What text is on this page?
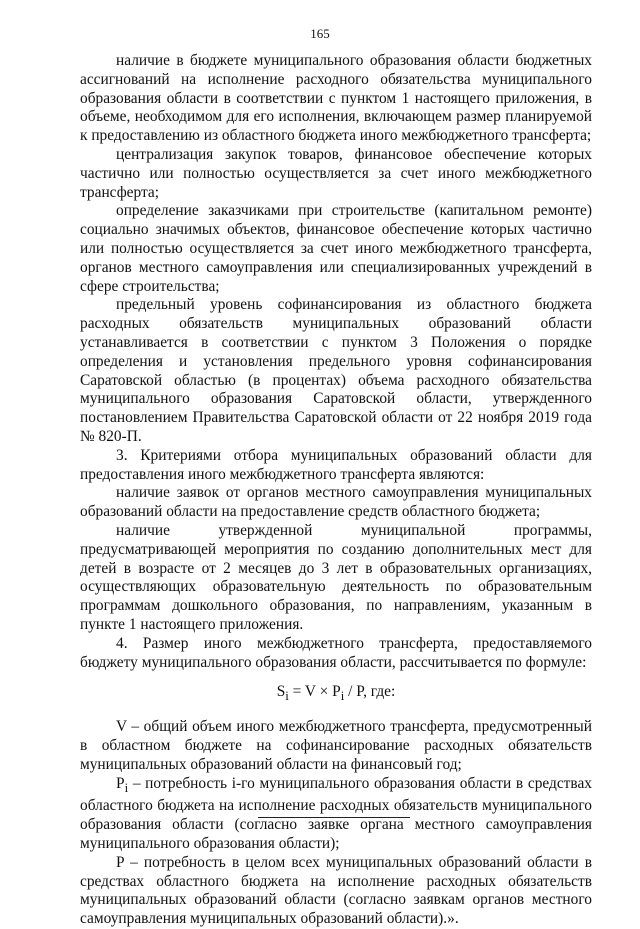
165

наличие в бюджете муниципального образования области бюджетных ассигнований на исполнение расходного обязательства муниципального образования области в соответствии с пунктом 1 настоящего приложения, в объеме, необходимом для его исполнения, включающем размер планируемой к предоставлению из областного бюджета иного межбюджетного трансферта;

централизация закупок товаров, финансовое обеспечение которых частично или полностью осуществляется за счет иного межбюджетного трансферта;

определение заказчиками при строительстве (капитальном ремонте) социально значимых объектов, финансовое обеспечение которых частично или полностью осуществляется за счет иного межбюджетного трансферта, органов местного самоуправления или специализированных учреждений в сфере строительства;

предельный уровень софинансирования из областного бюджета расходных обязательств муниципальных образований области устанавливается в соответствии с пунктом 3 Положения о порядке определения и установления предельного уровня софинансирования Саратовской областью (в процентах) объема расходного обязательства муниципального образования Саратовской области, утвержденного постановлением Правительства Саратовской области от 22 ноября 2019 года № 820-П.

3. Критериями отбора муниципальных образований области для предоставления иного межбюджетного трансферта являются:

наличие заявок от органов местного самоуправления муниципальных образований области на предоставление средств областного бюджета;

наличие утвержденной муниципальной программы, предусматривающей мероприятия по созданию дополнительных мест для детей в возрасте от 2 месяцев до 3 лет в образовательных организациях, осуществляющих образовательную деятельность по образовательным программам дошкольного образования, по направлениям, указанным в пункте 1 настоящего приложения.

4. Размер иного межбюджетного трансферта, предоставляемого бюджету муниципального образования области, рассчитывается по формуле:

$S_i = V \times P_i / P$, где:

V – общий объем иного межбюджетного трансферта, предусмотренный в областном бюджете на софинансирование расходных обязательств муниципальных образований области на финансовый год;

$P_i$ – потребность i-го муниципального образования области в средствах областного бюджета на исполнение расходных обязательств муниципального образования области (согласно заявке органа местного самоуправления муниципального образования области);

P – потребность в целом всех муниципальных образований области в средствах областного бюджета на исполнение расходных обязательств муниципальных образований области (согласно заявкам органов местного самоуправления муниципальных образований области).».
